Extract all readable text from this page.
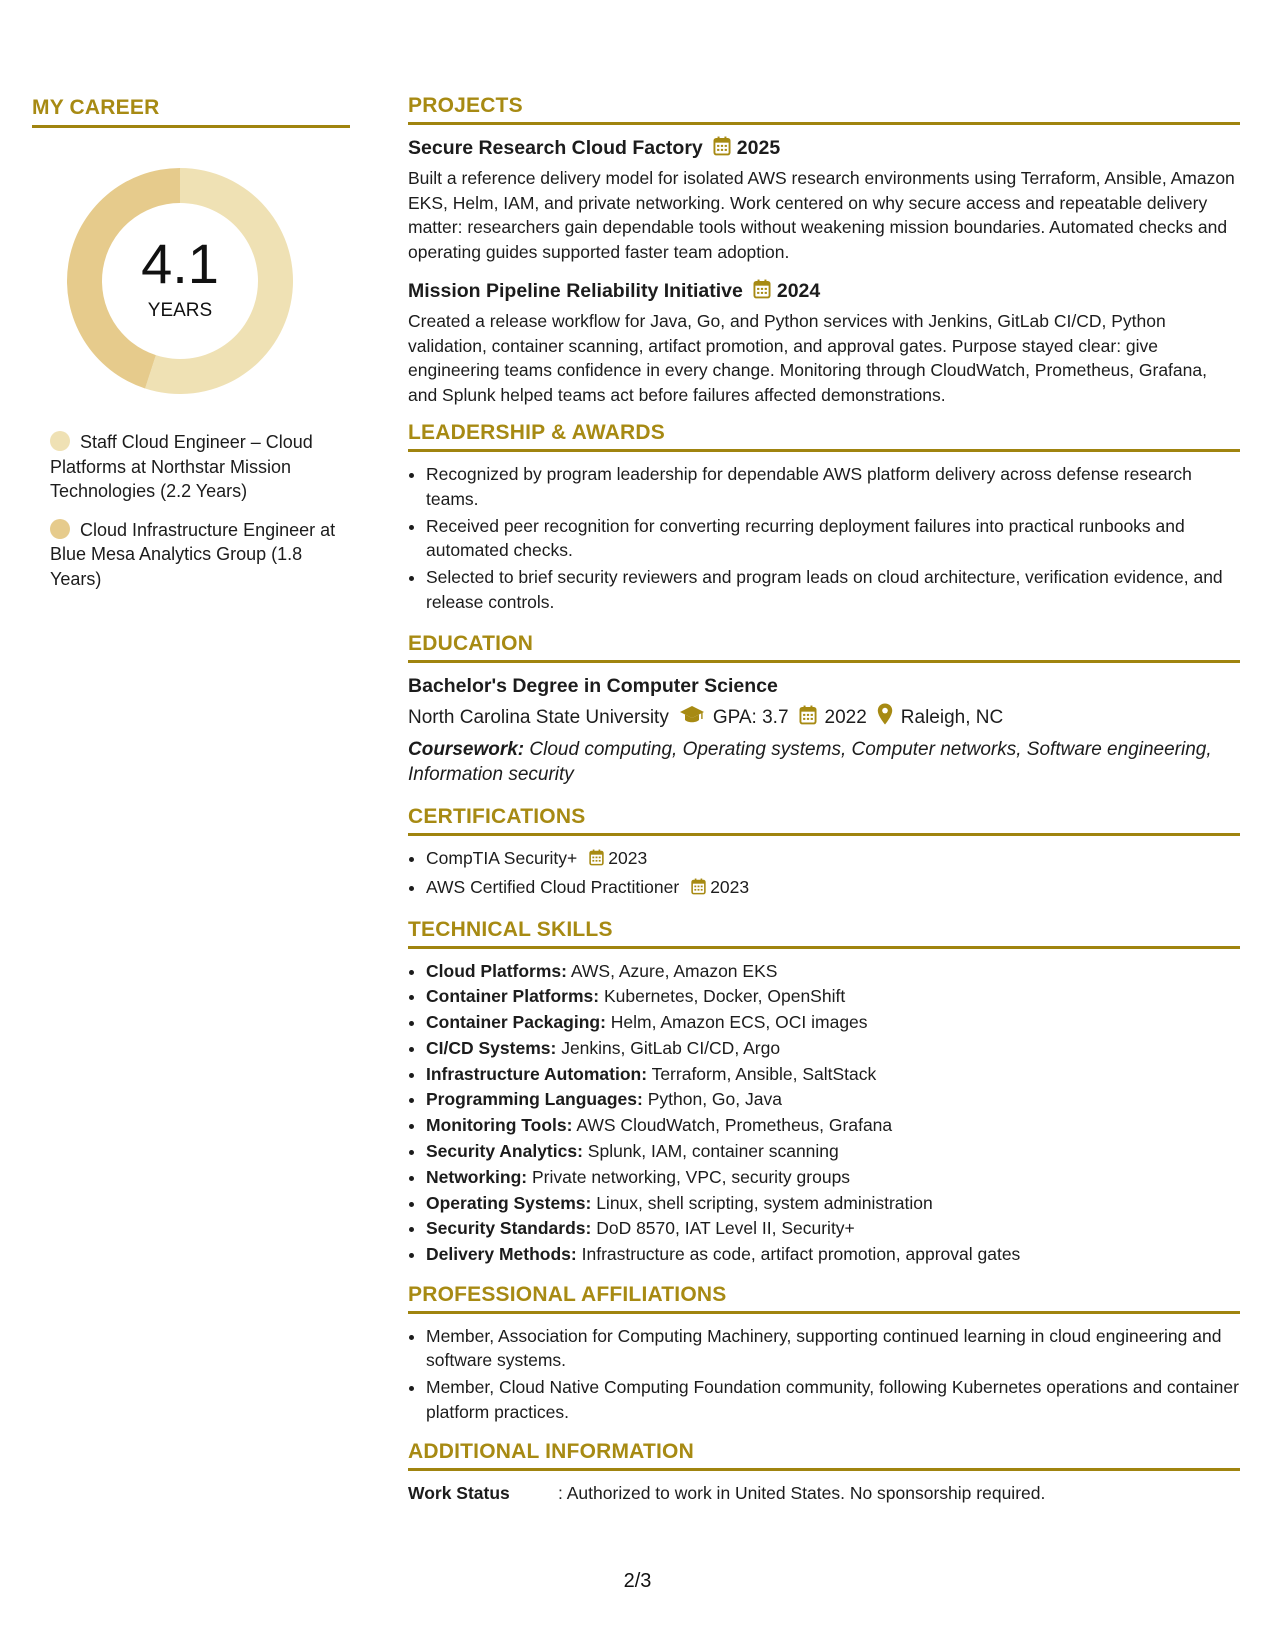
MY CAREER
4.1
YEARS
Staff Cloud Engineer – Cloud Platforms at Northstar Mission Technologies (2.2 Years)
Cloud Infrastructure Engineer at Blue Mesa Analytics Group (1.8 Years)
PROJECTS
Secure Research Cloud Factory 2025

Built a reference delivery model for isolated AWS research environments using Terraform, Ansible, Amazon EKS, Helm, IAM, and private networking. Work centered on why secure access and repeatable delivery matter: researchers gain dependable tools without weakening mission boundaries. Automated checks and operating guides supported faster team adoption.

Mission Pipeline Reliability Initiative 2024

Created a release workflow for Java, Go, and Python services with Jenkins, GitLab CI/CD, Python validation, container scanning, artifact promotion, and approval gates. Purpose stayed clear: give engineering teams confidence in every change. Monitoring through CloudWatch, Prometheus, Grafana, and Splunk helped teams act before failures affected demonstrations.

LEADERSHIP & AWARDS
• Recognized by program leadership for dependable AWS platform delivery across defense research teams.
• Received peer recognition for converting recurring deployment failures into practical runbooks and automated checks.
• Selected to brief security reviewers and program leads on cloud architecture, verification evidence, and release controls.
EDUCATION
Bachelor's Degree in Computer Science
North Carolina State University GPA: 3.7 2022 Raleigh, NC
Coursework: Cloud computing, Operating systems, Computer networks, Software engineering, Information security
CERTIFICATIONS
• CompTIA Security+ 2023
• AWS Certified Cloud Practitioner 2023
TECHNICAL SKILLS
• Cloud Platforms: AWS, Azure, Amazon EKS
• Container Platforms: Kubernetes, Docker, OpenShift
• Container Packaging: Helm, Amazon ECS, OCI images
• CI/CD Systems: Jenkins, GitLab CI/CD, Argo
• Infrastructure Automation: Terraform, Ansible, SaltStack
• Programming Languages: Python, Go, Java
• Monitoring Tools: AWS CloudWatch, Prometheus, Grafana
• Security Analytics: Splunk, IAM, container scanning
• Networking: Private networking, VPC, security groups
• Operating Systems: Linux, shell scripting, system administration
• Security Standards: DoD 8570, IAT Level II, Security+
• Delivery Methods: Infrastructure as code, artifact promotion, approval gates
PROFESSIONAL AFFILIATIONS
• Member, Association for Computing Machinery, supporting continued learning in cloud engineering and software systems.
• Member, Cloud Native Computing Foundation community, following Kubernetes operations and container platform practices.
ADDITIONAL INFORMATION
Work Status	: Authorized to work in United States. No sponsorship required.
2/3
